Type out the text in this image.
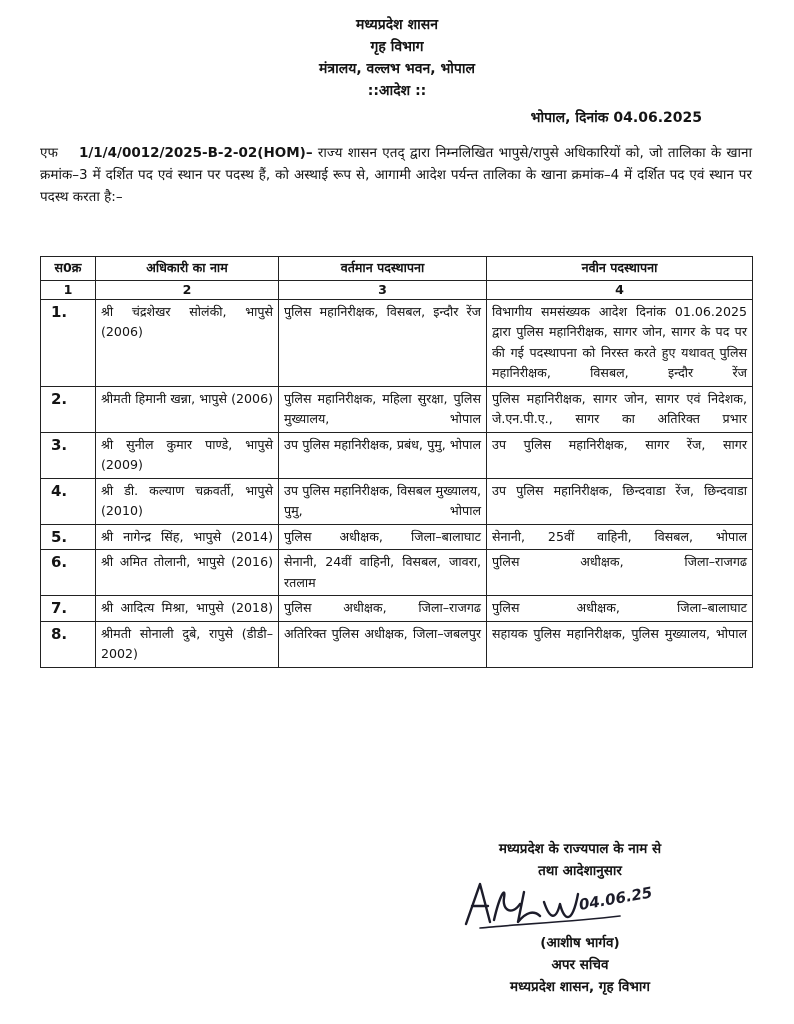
मध्यप्रदेश शासन
गृह विभाग
मंत्रालय, वल्लभ भवन, भोपाल
::आदेश ::
भोपाल, दिनांक 04.06.2025
एफ 1/1/4/0012/2025-B-2-02(HOM)– राज्य शासन एतद् द्वारा निम्नलिखित भापुसे/रापुसे अधिकारियों को, जो तालिका के खाना क्रमांक–3 में दर्शित पद एवं स्थान पर पदस्थ हैं, को अस्थाई रूप से, आगामी आदेश पर्यन्त तालिका के खाना क्रमांक–4 में दर्शित पद एवं स्थान पर पदस्थ करता है:–
स0क्र	अधिकारी का नाम	वर्तमान पदस्थापना	नवीन पदस्थापना
1	2	3	4
1.	श्री चंद्रशेखर सोलंकी, भापुसे (2006)	पुलिस महानिरीक्षक, विसबल, इन्दौर रेंज	विभागीय समसंख्यक आदेश दिनांक 01.06.2025 द्वारा पुलिस महानिरीक्षक, सागर जोन, सागर के पद पर की गई पदस्थापना को निरस्त करते हुए यथावत् पुलिस महानिरीक्षक, विसबल, इन्दौर रेंज
2.	श्रीमती हिमानी खन्ना, भापुसे (2006)	पुलिस महानिरीक्षक, महिला सुरक्षा, पुलिस मुख्यालय, भोपाल	पुलिस महानिरीक्षक, सागर जोन, सागर एवं निदेशक, जे.एन.पी.ए., सागर का अतिरिक्त प्रभार
3.	श्री सुनील कुमार पाण्डे, भापुसे (2009)	उप पुलिस महानिरीक्षक, प्रबंध, पुमु, भोपाल	उप पुलिस महानिरीक्षक, सागर रेंज, सागर
4.	श्री डी. कल्याण चक्रवर्ती, भापुसे (2010)	उप पुलिस महानिरीक्षक, विसबल मुख्यालय, पुमु, भोपाल	उप पुलिस महानिरीक्षक, छिन्दवाडा रेंज, छिन्दवाडा
5.	श्री नागेन्द्र सिंह, भापुसे (2014)	पुलिस अधीक्षक, जिला–बालाघाट	सेनानी, 25वीं वाहिनी, विसबल, भोपाल
6.	श्री अमित तोलानी, भापुसे (2016)	सेनानी, 24वीं वाहिनी, विसबल, जावरा, रतलाम	पुलिस अधीक्षक, जिला–राजगढ
7.	श्री आदित्य मिश्रा, भापुसे (2018)	पुलिस अधीक्षक, जिला–राजगढ	पुलिस अधीक्षक, जिला–बालाघाट
8.	श्रीमती सोनाली दुबे, रापुसे (डीडी–2002)	अतिरिक्त पुलिस अधीक्षक, जिला–जबलपुर	सहायक पुलिस महानिरीक्षक, पुलिस मुख्यालय, भोपाल
मध्यप्रदेश के राज्यपाल के नाम से
तथा आदेशानुसार
04.06.25
(आशीष भार्गव)
अपर सचिव
मध्यप्रदेश शासन, गृह विभाग
